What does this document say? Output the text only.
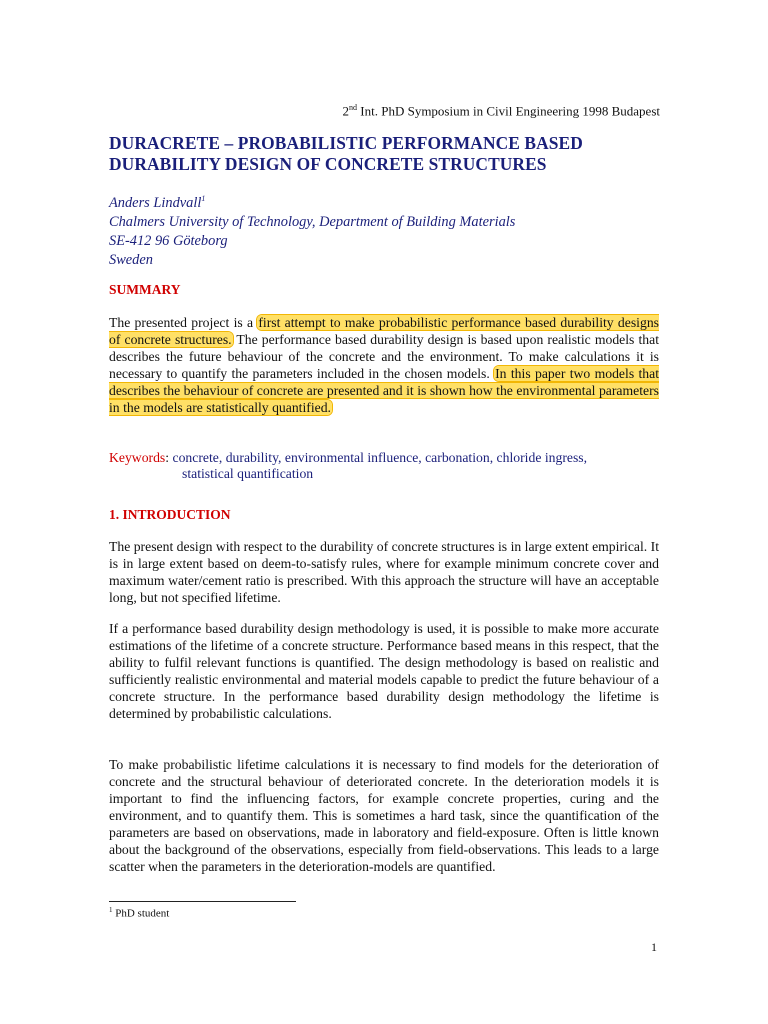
2nd Int. PhD Symposium in Civil Engineering 1998 Budapest
DURACRETE – PROBABILISTIC PERFORMANCE BASED DURABILITY DESIGN OF CONCRETE STRUCTURES
Anders Lindvall$^1$
Chalmers University of Technology, Department of Building Materials
SE-412 96 Göteborg
Sweden
SUMMARY

The presented project is a first attempt to make probabilistic performance based durability designs of concrete structures. The performance based durability design is based upon realistic models that describes the future behaviour of the concrete and the environment. To make calculations it is necessary to quantify the parameters included in the chosen models. In this paper two models that describes the behaviour of concrete are presented and it is shown how the environmental parameters in the models are statistically quantified.

Keywords: concrete, durability, environmental influence, carbonation, chloride ingress,

statistical quantification
1. INTRODUCTION

The present design with respect to the durability of concrete structures is in large extent empirical. It is in large extent based on deem-to-satisfy rules, where for example minimum concrete cover and maximum water/cement ratio is prescribed. With this approach the structure will have an acceptable long, but not specified lifetime.

If a performance based durability design methodology is used, it is possible to make more accurate estimations of the lifetime of a concrete structure. Performance based means in this respect, that the ability to fulfil relevant functions is quantified. The design methodology is based on realistic and sufficiently realistic environmental and material models capable to predict the future behaviour of a concrete structure. In the performance based durability design methodology the lifetime is determined by probabilistic calculations.

To make probabilistic lifetime calculations it is necessary to find models for the deterioration of concrete and the structural behaviour of deteriorated concrete. In the deterioration models it is important to find the influencing factors, for example concrete properties, curing and the environment, and to quantify them. This is sometimes a hard task, since the quantification of the parameters are based on observations, made in laboratory and field-exposure. Often is little known about the background of the observations, especially from field-observations. This leads to a large scatter when the parameters in the deterioration-models are quantified.

$^1$ PhD student
1
